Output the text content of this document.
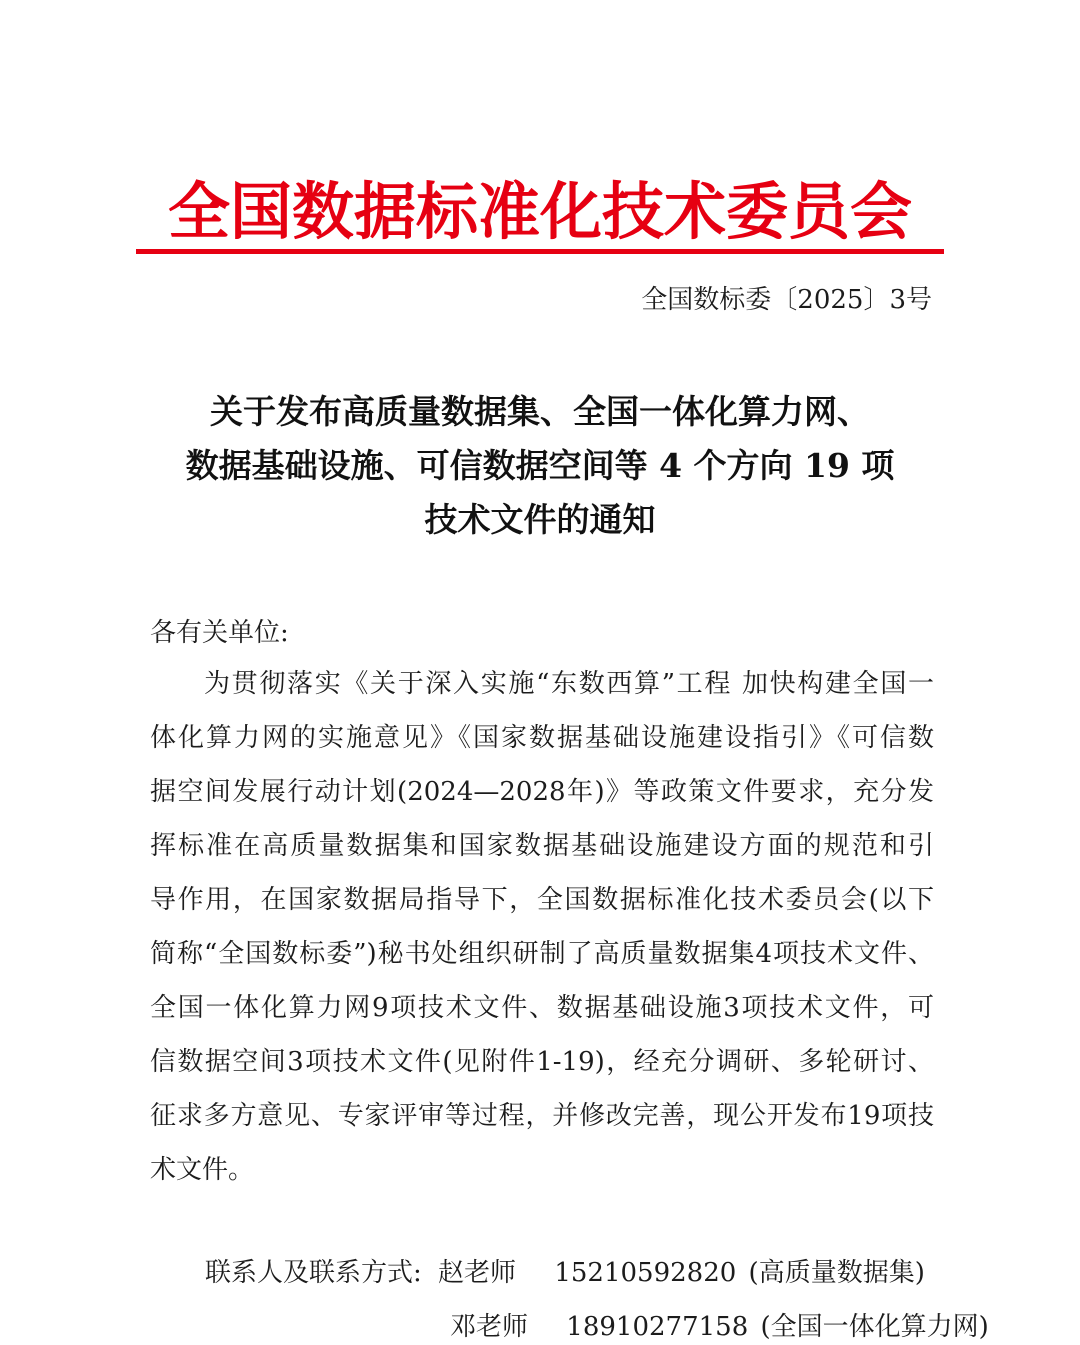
全国数据标准化技术委员会
全国数标委〔2025〕3号
关于发布高质量数据集、全国一体化算力网、
数据基础设施、可信数据空间等 4 个方向 19 项
技术文件的通知
各有关单位:
为贯彻落实《关于深入实施“东数西算”工程 加快构建全国一
体化算力网的实施意见》《国家数据基础设施建设指引》《可信数
据空间发展行动计划(2024—2028年)》等政策文件要求，充分发
挥标准在高质量数据集和国家数据基础设施建设方面的规范和引
导作用，在国家数据局指导下，全国数据标准化技术委员会(以下
简称“全国数标委”)秘书处组织研制了高质量数据集4项技术文件、
全国一体化算力网9项技术文件、数据基础设施3项技术文件，可
信数据空间3项技术文件(见附件1-19)，经充分调研、多轮研讨、
征求多方意见、专家评审等过程，并修改完善，现公开发布19项技
术文件。
联系人及联系方式: 赵老师 15210592820 (高质量数据集)
邓老师 18910277158 (全国一体化算力网)
